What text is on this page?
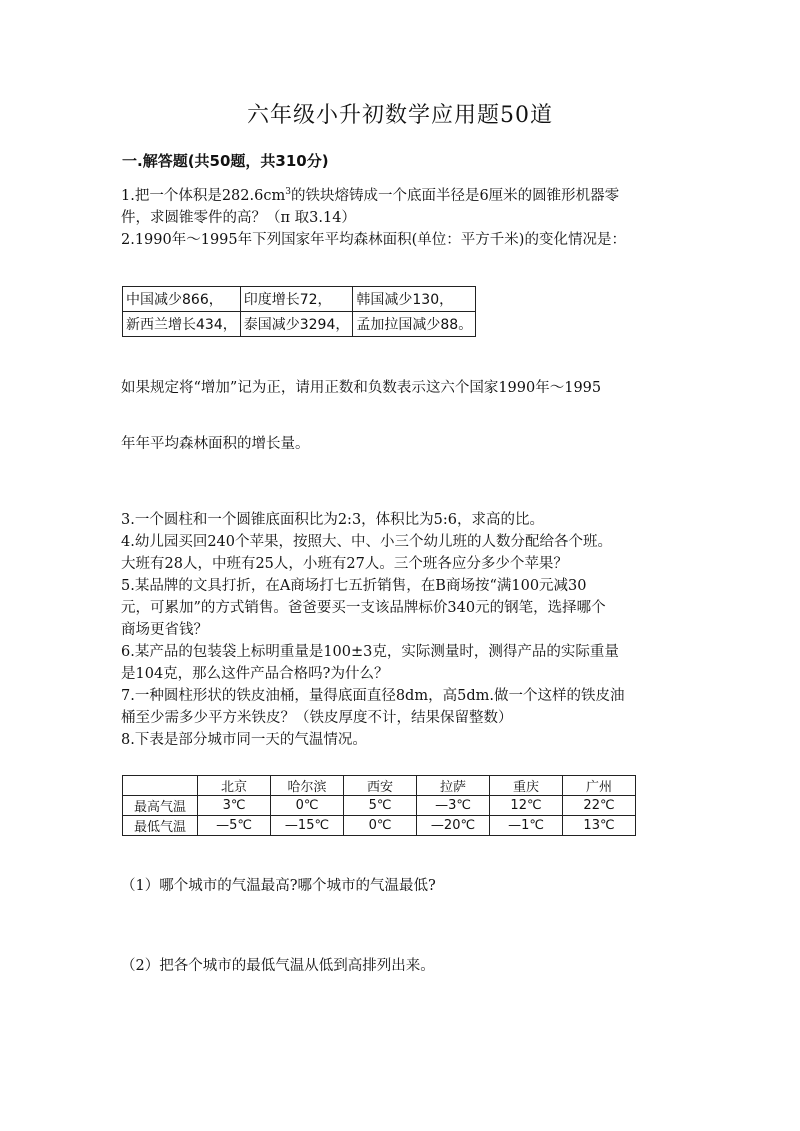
六年级小升初数学应用题50道
一.解答题(共50题，共310分)
1.把一个体积是$282.6cm^3$的铁块熔铸成一个底面半径是6厘米的圆锥形机器零
件，求圆锥零件的高？（π 取3.14）
2.1990年～1995年下列国家年平均森林面积(单位：平方千米)的变化情况是：
中国减少866，	印度增长72，	韩国减少130，
新西兰增长434，	泰国减少3294，	孟加拉国减少88。
如果规定将“增加”记为正，请用正数和负数表示这六个国家1990年～1995
年年平均森林面积的增长量。
3.一个圆柱和一个圆锥底面积比为2:3，体积比为5:6，求高的比。
4.幼儿园买回240个苹果，按照大、中、小三个幼儿班的人数分配给各个班。
大班有28人，中班有25人，小班有27人。三个班各应分多少个苹果？
5.某品牌的文具打折，在A商场打七五折销售，在B商场按“满100元减30
元，可累加”的方式销售。爸爸要买一支该品牌标价340元的钢笔，选择哪个
商场更省钱？
6.某产品的包装袋上标明重量是100±3克，实际测量时，测得产品的实际重量
是104克，那么这件产品合格吗?为什么？
7.一种圆柱形状的铁皮油桶，量得底面直径8dm，高5dm.做一个这样的铁皮油
桶至少需多少平方米铁皮？（铁皮厚度不计，结果保留整数）
8.下表是部分城市同一天的气温情况。
	北京	哈尔滨	西安	拉萨	重庆	广州
最高气温	3℃	0℃	5℃	—3℃	12℃	22℃
最低气温	—5℃	—15℃	0℃	—20℃	—1℃	13℃
（1）哪个城市的气温最高?哪个城市的气温最低?
（2）把各个城市的最低气温从低到高排列出来。
